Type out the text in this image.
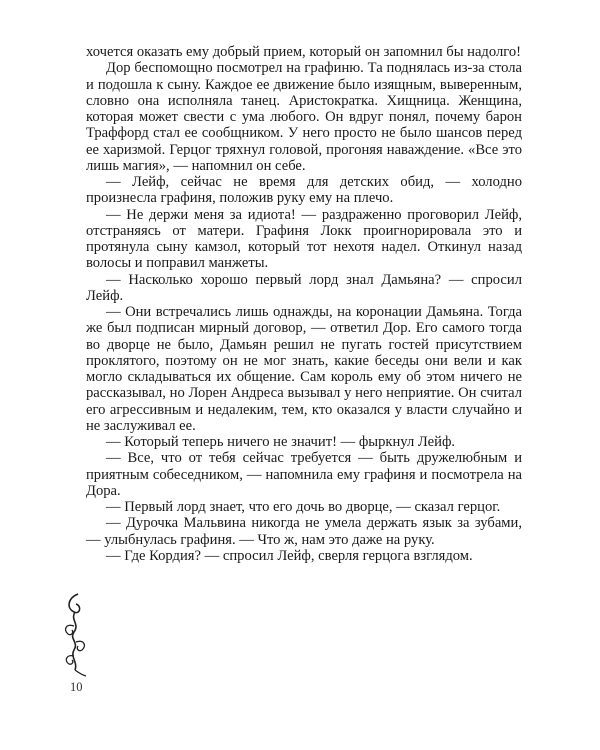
хочется оказать ему добрый прием, который он запомнил бы надолго!

Дор беспомощно посмотрел на графиню. Та поднялась из-за стола и подошла к сыну. Каждое ее движение было изящным, выверенным, словно она исполняла танец. Аристократка. Хищница. Женщина, которая может свести с ума любого. Он вдруг понял, почему барон Траффорд стал ее сообщником. У него просто не было шансов перед ее харизмой. Герцог тряхнул головой, прогоняя наваждение. «Все это лишь магия», — напомнил он себе.

— Лейф, сейчас не время для детских обид, — холодно произнесла графиня, положив руку ему на плечо.

— Не держи меня за идиота! — раздраженно проговорил Лейф, отстраняясь от матери. Графиня Локк проигнорировала это и протянула сыну камзол, который тот нехотя надел. Откинул назад волосы и поправил манжеты.

— Насколько хорошо первый лорд знал Дамьяна? — спросил Лейф.

— Они встречались лишь однажды, на коронации Дамьяна. Тогда же был подписан мирный договор, — ответил Дор. Его самого тогда во дворце не было, Дамьян решил не пугать гостей присутствием проклятого, поэтому он не мог знать, какие беседы они вели и как могло складываться их общение. Сам король ему об этом ничего не рассказывал, но Лорен Андреса вызывал у него неприятие. Он считал его агрессивным и недалеким, тем, кто оказался у власти случайно и не заслуживал ее.

— Который теперь ничего не значит! — фыркнул Лейф.

— Все, что от тебя сейчас требуется — быть дружелюбным и приятным собеседником, — напомнила ему графиня и посмотрела на Дора.

— Первый лорд знает, что его дочь во дворце, — сказал герцог.

— Дурочка Мальвина никогда не умела держать язык за зубами, — улыбнулась графиня. — Что ж, нам это даже на руку.

— Где Кордия? — спросил Лейф, сверля герцога взглядом.

10
